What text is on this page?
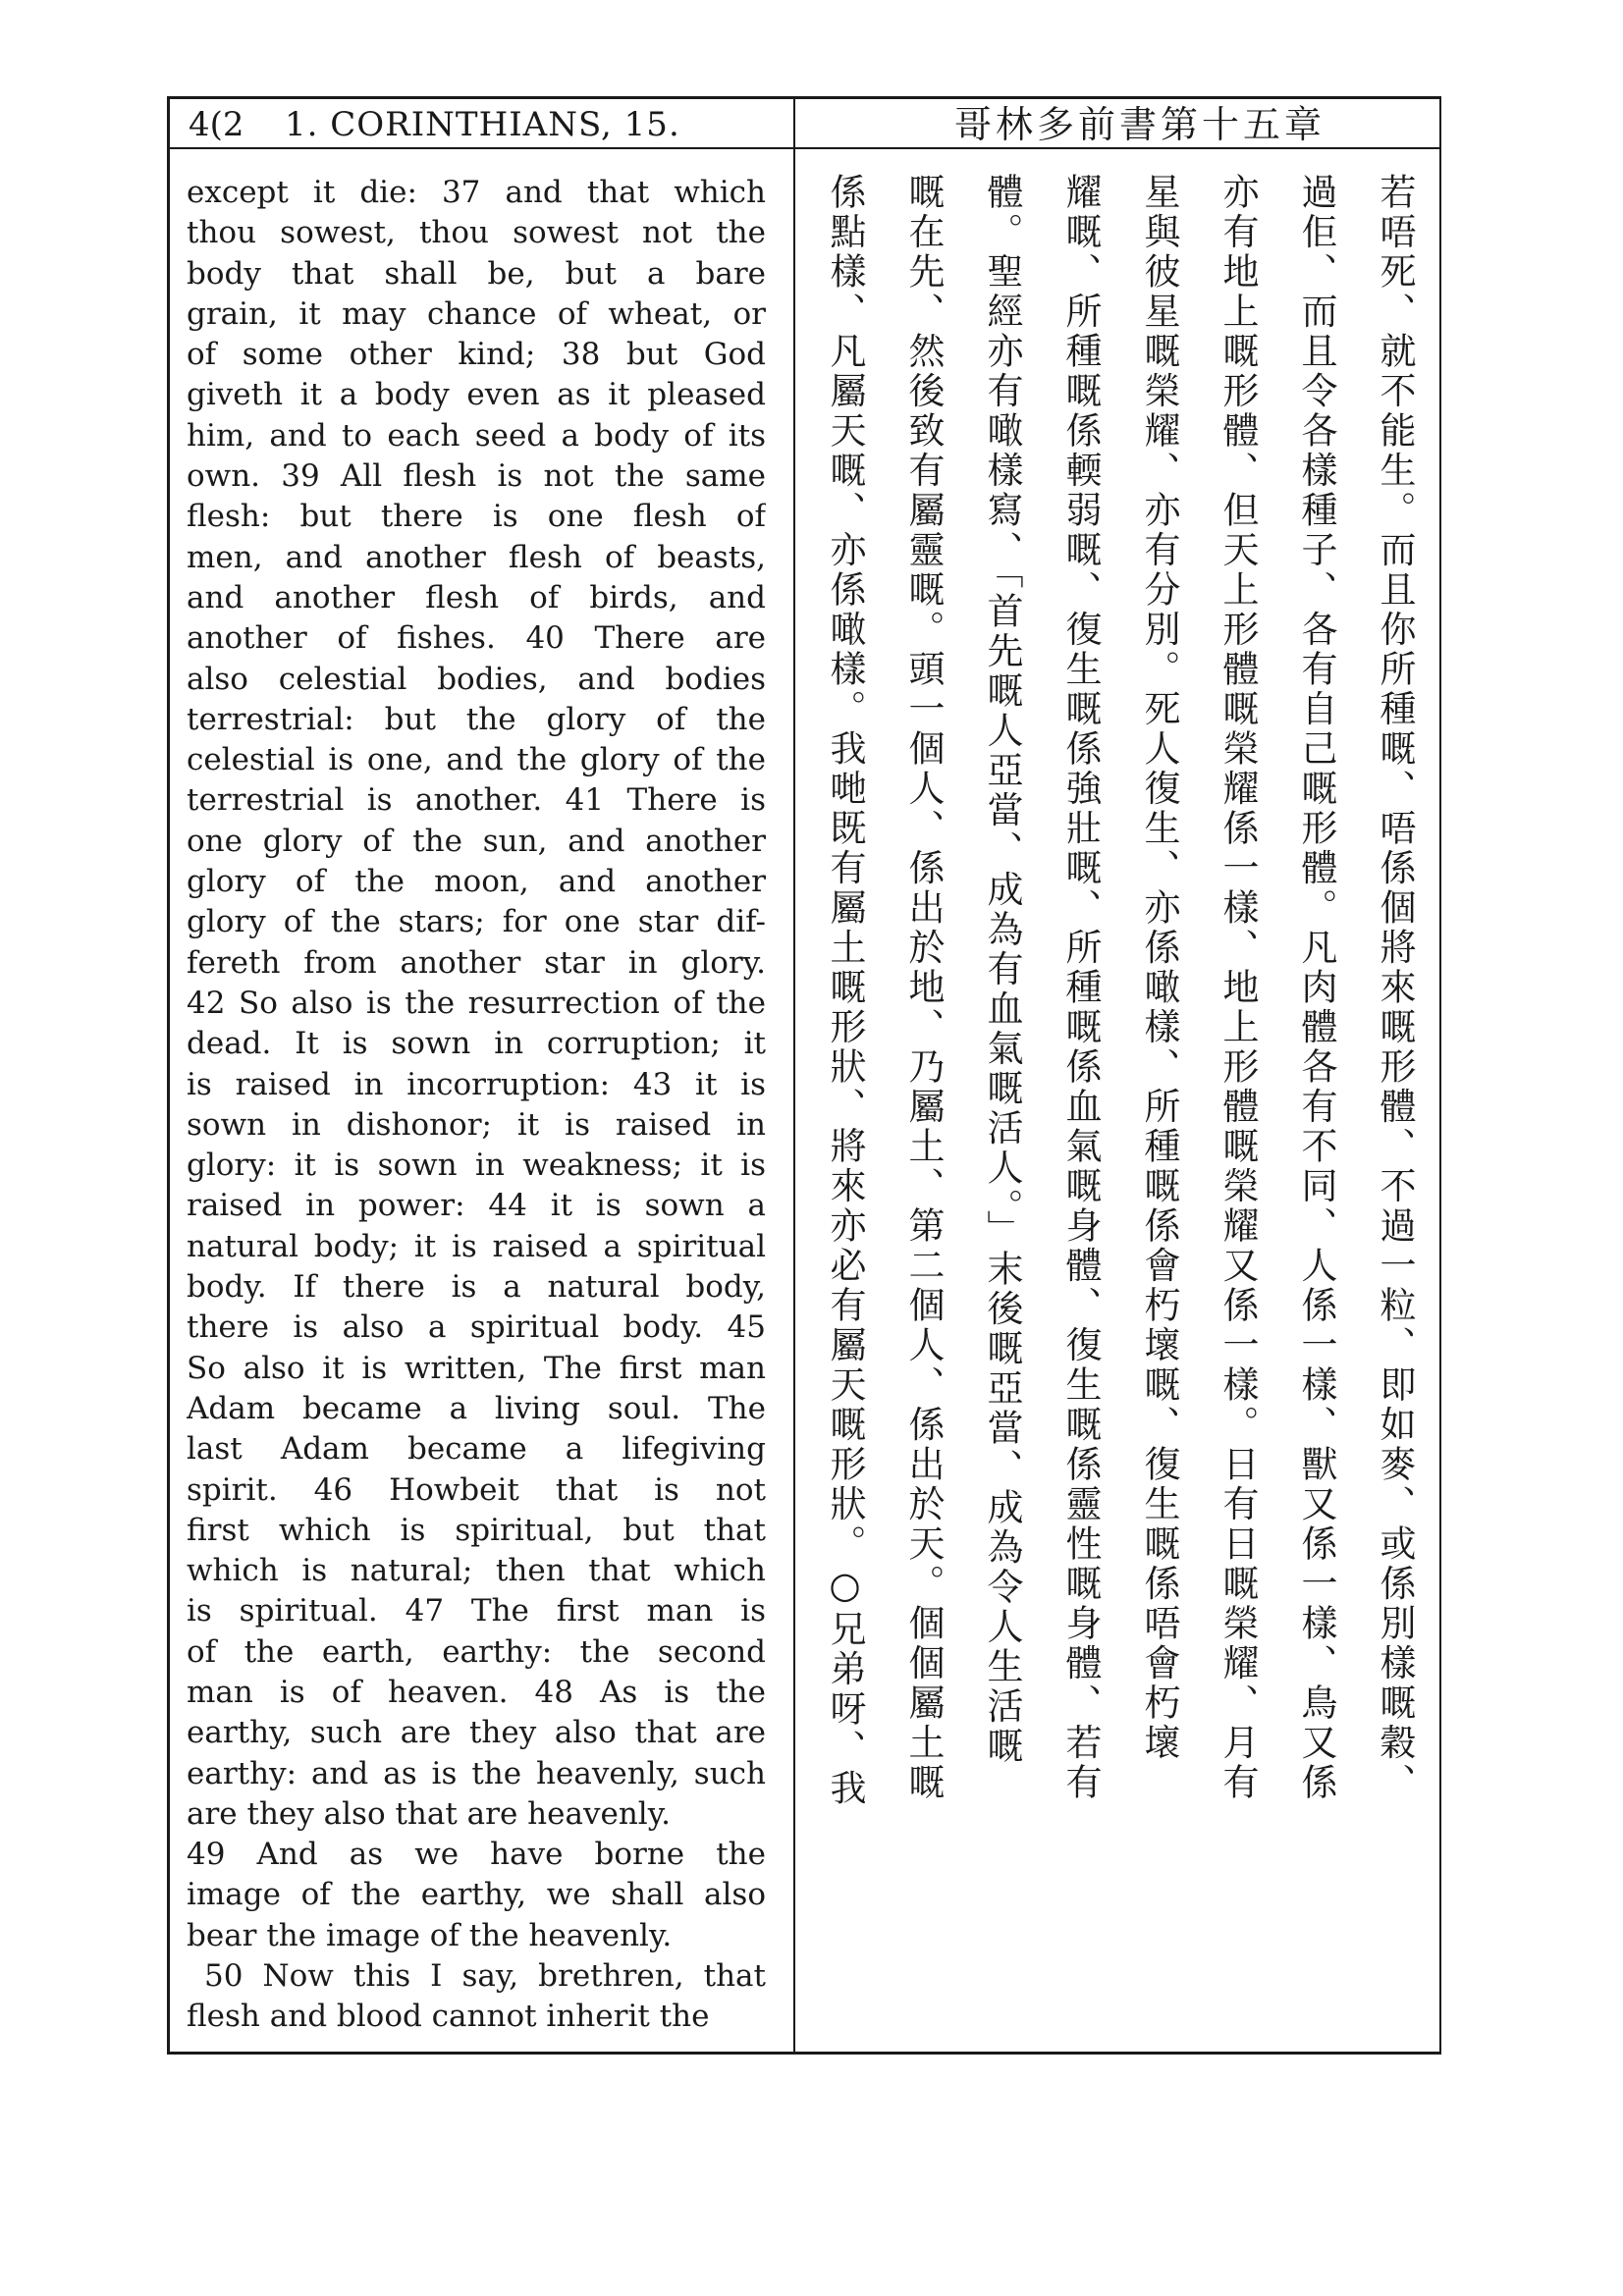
4(2 1. CORINTHIANS, 15.	哥林多前書第十五章
except it die: 37 and that which
thou sowest, thou sowest not the
body that shall be, but a bare
grain, it may chance of wheat, or
of some other kind; 38 but God
giveth it a body even as it pleased
him, and to each seed a body of its
own. 39 All flesh is not the same
flesh: but there is one flesh of
men, and another flesh of beasts,
and another flesh of birds, and
another of fishes. 40 There are
also celestial bodies, and bodies
terrestrial: but the glory of the
celestial is one, and the glory of the
terrestrial is another. 41 There is
one glory of the sun, and another
glory of the moon, and another
glory of the stars; for one star dif-
fereth from another star in glory.
42 So also is the resurrection of the
dead. It is sown in corruption; it
is raised in incorruption: 43 it is
sown in dishonor; it is raised in
glory: it is sown in weakness; it is
raised in power: 44 it is sown a
natural body; it is raised a spiritual
body. If there is a natural body,
there is also a spiritual body. 45
So also it is written, The first man
Adam became a living soul. The
last Adam became a lifegiving
spirit. 46 Howbeit that is not
first which is spiritual, but that
which is natural; then that which
is spiritual. 47 The first man is
of the earth, earthy: the second
man is of heaven. 48 As is the
earthy, such are they also that are
earthy: and as is the heavenly, such
are they also that are heavenly.
49 And as we have borne the
image of the earthy, we shall also
bear the image of the heavenly.
50 Now this I say, brethren, that
flesh and blood cannot inherit the
若唔死、就不能生。而且你所種嘅、唔係個將來嘅形體、不過一粒、即如麥、或係別樣嘅穀、
過佢、而且令各樣種子、各有自己嘅形體。凡肉體各有不同、人係一樣、獸又係一樣、鳥又係
亦有地上嘅形體、但天上形體嘅榮耀係一樣、地上形體嘅榮耀又係一樣。日有日嘅榮耀、月有
星與彼星嘅榮耀、亦有分別。死人復生、亦係噉樣、所種嘅係會朽壞嘅、復生嘅係唔會朽壞
耀嘅、所種嘅係輭弱嘅、復生嘅係強壯嘅、所種嘅係血氣嘅身體、復生嘅係靈性嘅身體、若有
體。聖經亦有噉樣寫、「首先嘅人亞當、成為有血氣嘅活人。」末後嘅亞當、成為令人生活嘅
嘅在先、然後致有屬靈嘅。頭一個人、係出於地、乃屬土、第二個人、係出於天。個個屬土嘅
係點樣、凡屬天嘅、亦係噉樣。我哋既有屬土嘅形狀、將來亦必有屬天嘅形狀。○兄弟呀、我
